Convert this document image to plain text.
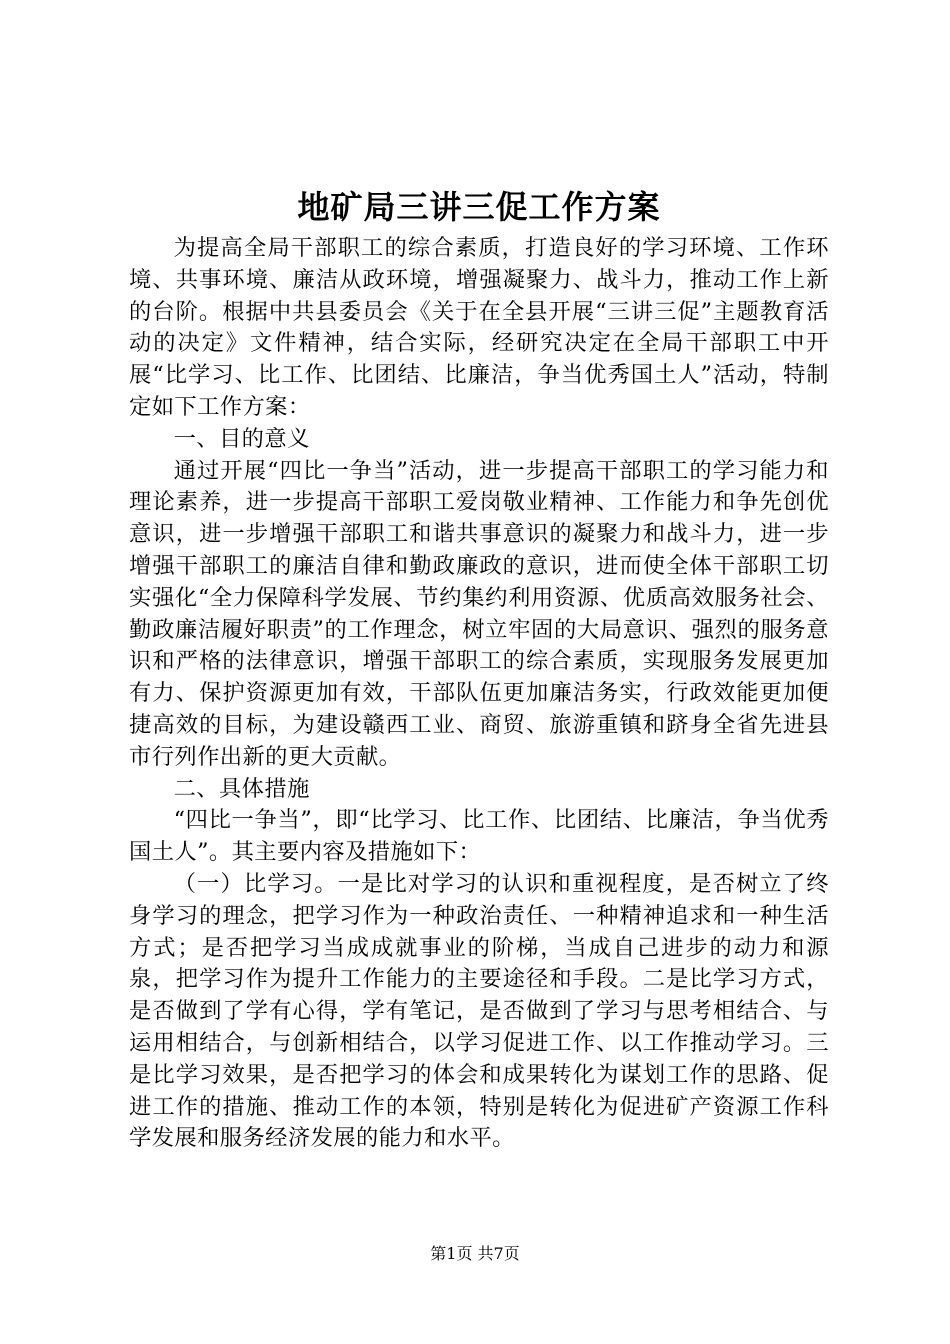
地矿局三讲三促工作方案

为提高全局干部职工的综合素质，打造良好的学习环境、工作环境、共事环境、廉洁从政环境，增强凝聚力、战斗力，推动工作上新的台阶。根据中共县委员会《关于在全县开展“三讲三促”主题教育活动的决定》文件精神，结合实际，经研究决定在全局干部职工中开展“比学习、比工作、比团结、比廉洁，争当优秀国土人”活动，特制定如下工作方案：

一、目的意义

通过开展“四比一争当”活动，进一步提高干部职工的学习能力和理论素养，进一步提高干部职工爱岗敬业精神、工作能力和争先创优意识，进一步增强干部职工和谐共事意识的凝聚力和战斗力，进一步增强干部职工的廉洁自律和勤政廉政的意识，进而使全体干部职工切实强化“全力保障科学发展、节约集约利用资源、优质高效服务社会、勤政廉洁履好职责”的工作理念，树立牢固的大局意识、强烈的服务意识和严格的法律意识，增强干部职工的综合素质，实现服务发展更加有力、保护资源更加有效，干部队伍更加廉洁务实，行政效能更加便捷高效的目标，为建设赣西工业、商贸、旅游重镇和跻身全省先进县市行列作出新的更大贡献。

二、具体措施

“四比一争当”，即“比学习、比工作、比团结、比廉洁，争当优秀国土人”。其主要内容及措施如下：

（一）比学习。一是比对学习的认识和重视程度，是否树立了终身学习的理念，把学习作为一种政治责任、一种精神追求和一种生活方式；是否把学习当成成就事业的阶梯，当成自己进步的动力和源泉，把学习作为提升工作能力的主要途径和手段。二是比学习方式，是否做到了学有心得，学有笔记，是否做到了学习与思考相结合、与运用相结合，与创新相结合，以学习促进工作、以工作推动学习。三是比学习效果，是否把学习的体会和成果转化为谋划工作的思路、促进工作的措施、推动工作的本领，特别是转化为促进矿产资源工作科学发展和服务经济发展的能力和水平。

第1页 共7页
